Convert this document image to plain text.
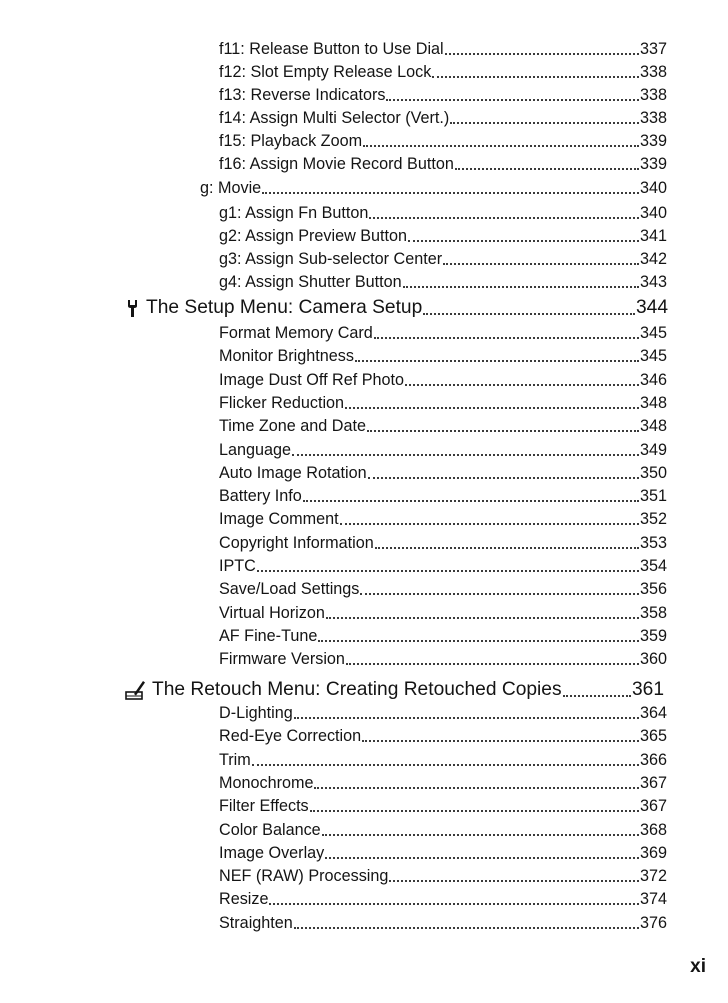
f11: Release Button to Use Dial	337
f12: Slot Empty Release Lock	338
f13: Reverse Indicators	338
f14: Assign Multi Selector (Vert.)	338
f15: Playback Zoom	339
f16: Assign Movie Record Button	339
g: Movie	340
g1: Assign Fn Button	340
g2: Assign Preview Button	341
g3: Assign Sub-selector Center	342
g4: Assign Shutter Button	343
The Setup Menu: Camera Setup	344
Format Memory Card	345
Monitor Brightness	345
Image Dust Off Ref Photo	346
Flicker Reduction	348
Time Zone and Date	348
Language	349
Auto Image Rotation	350
Battery Info	351
Image Comment	352
Copyright Information	353
IPTC	354
Save/Load Settings	356
Virtual Horizon	358
AF Fine-Tune	359
Firmware Version	360
The Retouch Menu: Creating Retouched Copies	361
D-Lighting	364
Red-Eye Correction	365
Trim	366
Monochrome	367
Filter Effects	367
Color Balance	368
Image Overlay	369
NEF (RAW) Processing	372
Resize	374
Straighten	376
xi
